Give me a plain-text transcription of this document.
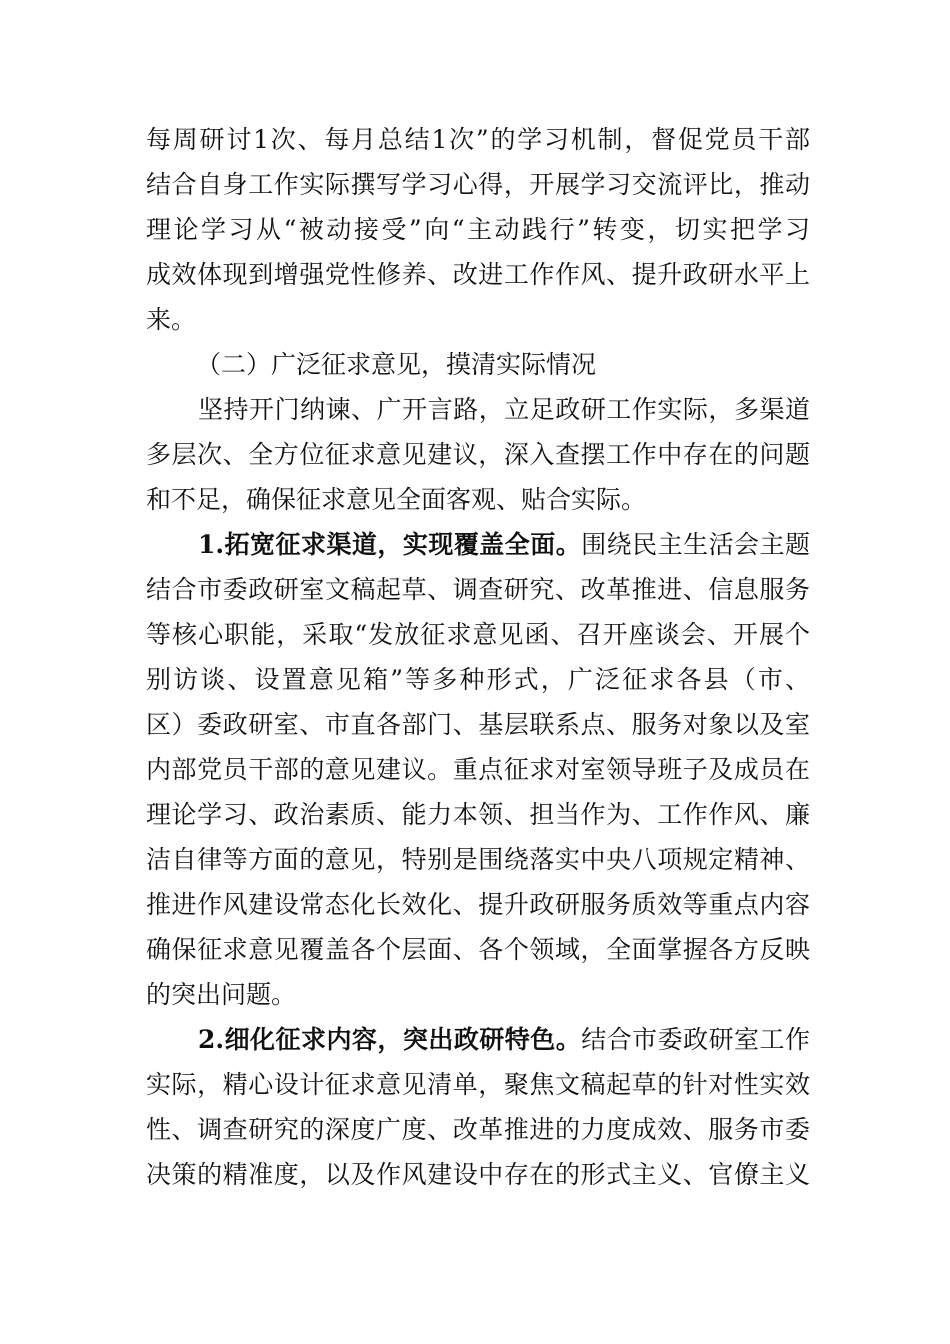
每周研讨1次、每月总结1次”的学习机制，督促党员干部
结合自身工作实际撰写学习心得，开展学习交流评比，推动
理论学习从“被动接受”向“主动践行”转变，切实把学习
成效体现到增强党性修养、改进工作作风、提升政研水平上
来。
（二）广泛征求意见，摸清实际情况
坚持开门纳谏、广开言路，立足政研工作实际，多渠道
多层次、全方位征求意见建议，深入查摆工作中存在的问题
和不足，确保征求意见全面客观、贴合实际。
1.拓宽征求渠道，实现覆盖全面。围绕民主生活会主题
结合市委政研室文稿起草、调查研究、改革推进、信息服务
等核心职能，采取“发放征求意见函、召开座谈会、开展个
别访谈、设置意见箱”等多种形式，广泛征求各县（市、
区）委政研室、市直各部门、基层联系点、服务对象以及室
内部党员干部的意见建议。重点征求对室领导班子及成员在
理论学习、政治素质、能力本领、担当作为、工作作风、廉
洁自律等方面的意见，特别是围绕落实中央八项规定精神、
推进作风建设常态化长效化、提升政研服务质效等重点内容
确保征求意见覆盖各个层面、各个领域，全面掌握各方反映
的突出问题。
2.细化征求内容，突出政研特色。结合市委政研室工作
实际，精心设计征求意见清单，聚焦文稿起草的针对性实效
性、调查研究的深度广度、改革推进的力度成效、服务市委
决策的精准度，以及作风建设中存在的形式主义、官僚主义
